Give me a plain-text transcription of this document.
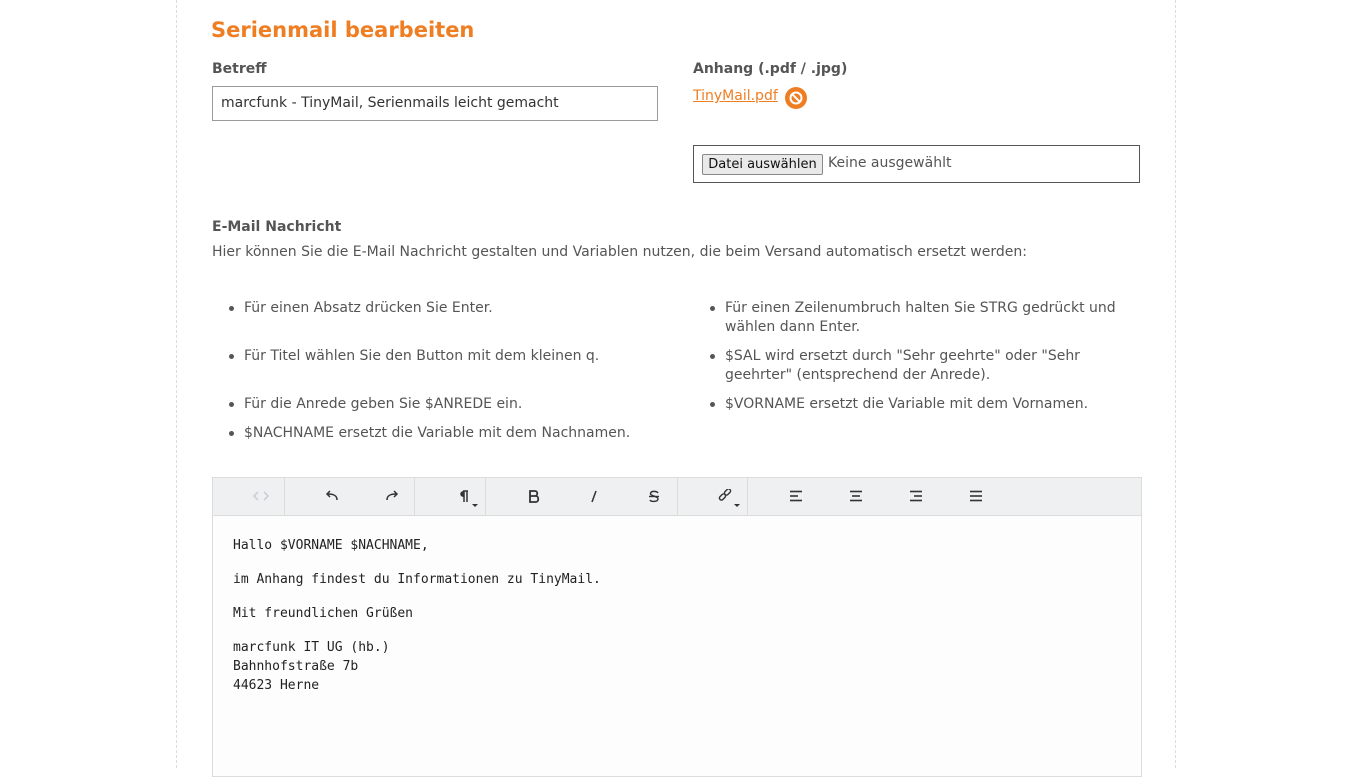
Serienmail bearbeiten
Betreff
marcfunk - TinyMail, Serienmails leicht gemacht
Anhang (.pdf / .jpg)
TinyMail.pdf
Datei auswählen Keine ausgewählt
E-Mail Nachricht
Hier können Sie die E-Mail Nachricht gestalten und Variablen nutzen, die beim Versand automatisch ersetzt werden:
Für einen Absatz drücken Sie Enter.	Für einen Zeilenumbruch halten Sie STRG gedrückt und wählen dann Enter.
Für Titel wählen Sie den Button mit dem kleinen q.	$SAL wird ersetzt durch "Sehr geehrte" oder "Sehr geehrter" (entsprechend der Anrede).
Für die Anrede geben Sie $ANREDE ein.	$VORNAME ersetzt die Variable mit dem Vornamen.
$NACHNAME ersetzt die Variable mit dem Nachnamen.

Hallo $VORNAME $NACHNAME,

im Anhang findest du Informationen zu TinyMail.

Mit freundlichen Grüßen

marcfunk IT UG (hb.)
Bahnhofstraße 7b
44623 Herne
